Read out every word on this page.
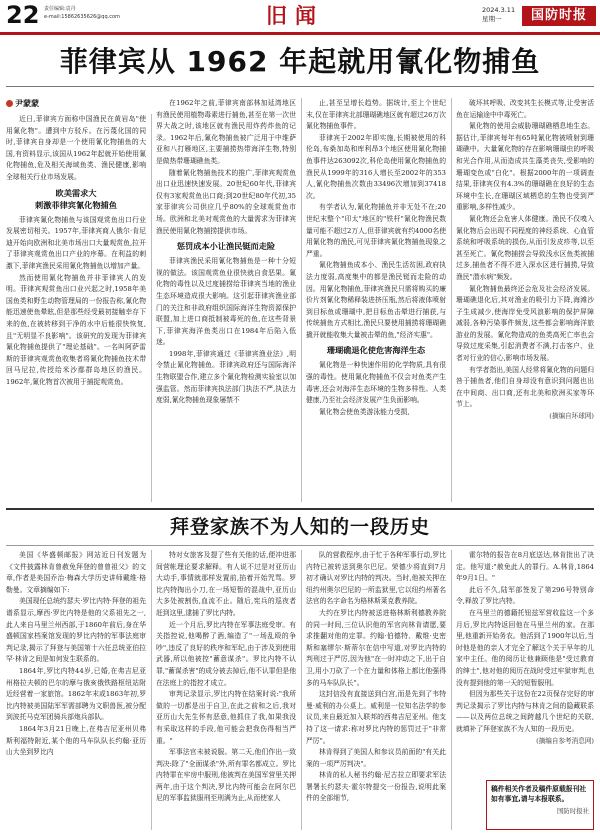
22 责任编辑:袁丹
e-mail:15862635626@qq.com	旧闻	2024.3.11
星期一	国防时报
菲律宾从 1962 年起就用氰化物捕鱼
尹蒙蒙

近日,菲律宾方面称中国渔民在黄岩岛"使用氰化物"。遭到中方驳斥。在污蔑化国的同时,菲律宾自身却是一个使用氰化物捕鱼的大国,有资料显示,该国从1962年起就开始使用氰化物捕鱼,危及相关海域鱼类、渔民健康,影响全球相关行业市场发展。

欧美需求大
刺激菲律宾氰化物捕鱼

菲律宾氰化物捕鱼与该国观赏鱼出口行业发展密切相关。1957年,菲律宾商人俄尔·肯尼迪开始向欧洲和北美市场出口大量观赏鱼,拉开了菲律宾观赏鱼出口产业的序幕。在利益的刺激下,菲律宾渔民采用氰化物捕鱼以增加产量。

然而使用氰化物捕鱼并非菲律宾人的发明。菲律宾观赏鱼出口业兴起之时,1958年美国鱼类和野生动物管理局的一份报告称,氰化物能迅速使鱼晕眩,但是那些经受最初接触幸存下来的鱼,在被转移到干净的水中后能很快恢复,且"无明显不良影响"。该研究的发现为菲律宾氰化物捕鱼提供了"理论基础"。一名叫阿萨雷斯的菲律宾观赏鱼收集者将氰化物捕鱼技术带回马尼拉,传授给米沙鄢群岛地区的渔民。1962年,氰化物首次被用于捕捉观赏鱼。

在1962年之前,菲律宾南部林加延湾地区有渔民使用植物毒素进行捕鱼,甚至在第一次世界大战之时,该地区就有渔民用炸药炸鱼的记录。1962年后,氰化物捕鱼被广泛用于中维萨亚和八打雁地区,主要捕捞热带海洋生物,特别是做热带珊瑚礁鱼类。

随着氰化物捕鱼技术的推广,菲律宾观赏鱼出口业迅速快速发展。20世纪60年代,菲律宾仅有3家观赏鱼出口商;到20世纪80年代初,35家菲律宾公司供应几乎80%的全球观赏鱼市场。欧洲和北美对观赏鱼的大量需求为菲律宾渔民使用氰化物捕捞提供市场。

惩罚成本小让渔民铤而走险

菲律宾渔民采用氰化物捕鱼是一种十分短视的做法。该国观赏鱼业很快就自食恶果。氰化物的毒性以及过度捕捞给菲律宾当地的渔业生态环境造成很大影响。这引起菲律宾渔业部门的关注和非政府组织国际海洋生物资源保护联盟,加上进口商抵制被毒死的鱼,在这些背景下,菲律宾海洋鱼类出口在1984年后陷入低迷。

1998年,菲律宾通过《菲律宾渔业法》,明令禁止氰化物捕鱼。菲律宾政府还与国际海洋生物联盟合作,建立多个氰化物检测实验室以加强监管。然而菲律宾执法部门执法不严,执法力度弱,氰化物捕鱼现象屡禁不

止,甚至呈增长趋势。据统计,至上个世纪末,仅在菲律宾北部珊瑚礁地区就有超过26万次氰化物捕鱼事件。

菲律宾于2002年即实施,长期被使用的科伦岛,布桑加岛和库利昂3个地区使用氰化物捕鱼事件达263092次,科伦岛使用氰化物捕鱼的渔民从1999年的316人增长至2002年的353人,氰化物捕鱼次数由33496次增加到37418次。

有学者认为,氰化物捕鱼并非无处不在;20世纪末整个"印太"地区的"铁杆"氰化物渔民数量可能不超过2万人,但菲律宾就有约4000名使用氰化物的渔民,可见菲律宾氰化物捕鱼现象之严重。

氰化物捕鱼成本小、渔民生活贫困,政府执法力度弱,高度集中的都是渔民铤而走险的动因。用氰化物捕鱼,菲律宾渔民只需将购买的廉价片剂氰化物稀释装进挤压瓶,然后将液体喷射到目标鱼或珊瑚中,把目标鱼击晕进行捕获,与传统捕鱼方式相比,渔民只要使用捕捞将珊瑚礁撬开就能收集大量被击晕的鱼,"经济实惠"。

珊瑚礁退化使危害海洋生态

氰化物是一种快速作用的化学物质,具有很强的毒性。使用氰化物捕鱼不仅会对鱼类产生毒害,还会对海洋生态环境的生物多样性。人类健康,乃至社会经济发展产生负面影响。

氰化物会使鱼类游泳能力受损,

破坏其呼吸、改变其生长模式等,让受害活鱼在运输途中中毒死亡。

氰化物的使用会威胁珊瑚礁栖息地生态。据估计,菲律宾每年有65吨氰化物被喷射到珊瑚礁中。大量氰化物的存在影响珊瑚虫的呼吸和光合作用,从而造成共生藻类丧失,受影响的珊瑚变色或"白化"。根据2000年的一项调查结果,菲律宾仅有4.3%的珊瑚礁在良好的生态环境中生长,在珊瑚区域栖息的生物也受到严重影响,多样性减少。

氰化物还会危害人体健康。渔民不仅嗅入氰化物后会出现不同程度的神经系统、心血管系统和呼吸系统的损伤,从而引发皮疹等,以至甚至死亡。氰化物捕捞会导致浅水区鱼类被捕过多,捕鱼者不得不进入深水区进行捕捞,导致渔民"潜水病"频发。

氰化物捕鱼最终还会危及社会经济发展。珊瑚礁退化后,其对渔业的吸引力下降,海滩沙子生成减少,使海岸免受风浪影响的保护屏障减弱,各种污染事件频发,这些都会影响海洋旅游业的发展。氰化物造成的鱼类高死亡率也会导致过度采集,引起消费者不满,打击客户、业者对行业的信心,影响市场发展。

有学者指出,美国人经常将氰化物的问题归咎于捕鱼者,他们自身却没有意识到问题也出在中间商、出口商,还有北美和欧洲买家等环节上。

(摘编自环球网)

拜登家族不为人知的一段历史

美国《华盛顿邮报》网站近日刊发题为《文件披露林肯曾赦免拜登的曾曾祖父》的文章,作者是美国乔治·梅森大学历史讲师戴维·格勒曼。文章摘编如下:

美国现任总统约瑟夫·罗比内特·拜登的祖先谱系显示,摩西·罗比内特是他的父系祖先之一,此人来自马里兰州西部,于1860年前后,身在华盛顿国家档案馆发现的罗比内特的军事法庭审判记录,揭示了拜登与美国第十六任总统亚伯拉罕·林肯之间是如何发生联系的。

1864年,罗比内特44岁,已婚,在弗吉尼亚州格拉夫顿的巴尔的摩与俄亥俄铁路枢纽站附近经营着一家旅馆。1862年末或1863年初,罗比内特被美国陆军军需部聘为文职兽医,被分配到波托马克军团骑兵部炮兵部队。

1864年3月21日晚上,在弗吉尼亚州贝弗斯利福特附近,某个他的马车队队长约翰·亚历山大坐到罗比内

特对女旅客及提了些有关他的话,便冲进那间营帐理论要求解释。有人说不过是对亚历山大动手,事情就那样发置前,掐着开始咒骂。罗比内特掏出小刀,在一场短暂的混战中,亚历山大多处被割伤,血流不止。随后,宪兵的巡夜者赶到这里,逮捕了罗比内特。

近一个月后,罗比内特在军事法庭受审。有关指控说,他喝醉了酒,编造了"一场乱殴的争吵",违反了良好的秩序和军纪,由于涉及到使用武器,所以他被控"蓄意谋杀"。罗比内特不认罪,"蓄谋杀害"的成分被去掉后,他不认罪但是他在法庭上的指控才成立。

审判记录显示,罗比内特在结案时说:"我所做的一切都是出于自卫,在此之前和之后,我对亚历山大先生怀有恶意,他抓住了我,如果我没有采取这样的手段,他可能会把我伤得相当严重。"

军事法官未被说服。第二天,他们作出一致判决:除了"全面谋杀"外,所有罪名都成立。罗比内特罪在牢房中服刑,他被判在美国军营里关押两年,由于这个判决,罗比内特可能会在阿尔巴尼的军事监狱服刑至刑满为止,从而使家人

队的营救程序,由于忙于各种军事行动,罗比内特已被转送到奥尔巴尼。荣德少将直到7月初才确认对罗比内特的判决。当时,他被关押在纽约州奥尔巴尼的一所监狱里,它以纽约州著名法官的名字命名为格林斯莱克教养院。

大约在罗比内特被送进格林斯利德教养院的同一时间,三位认识他的军官向林肯请愿,要求推翻对他的定罪。约翰·伯德特、戴维·史密斯和塞缪尔·斯蒂尔在信中写道,对罗比内特的判刑过于严厉,因为他"在一时冲动之下,出于自卫,用小刀砍了一个在力量和体格上都比他强得多的马车队队长"。

这封信没有直接送到白宫,而是先到了韦特曼·威利的办公桌上。威利是一位知名法学的参议员,来自最近加入联邦的西弗吉尼亚州。他支持了这一请求:称对罗比内特的惩罚过于"非常严厉"。

林肯得到了美国人和参议员前面的"有关此案的一项严厉判决"。

林肯的私人秘书约翰·尼古拉立即要求军法署署长约瑟夫·霍尔特提交一份报告,说明此案件的全部细节,

霍尔特的报告在8月底送达,林肯批出了决定。他写道:"赦免此人的罪行。A.林肯,1864年9月1日。"

此后不久,陆军部签发了第296号特别命令,释放了罗比内特。

在马里兰的德籍托钮兹军营收监这一个多月后,罗比内特返回他在马里兰州的家。在那里,他重新开始务农。他活到了1900年以后,当时他是他的亲人才完全了解这个关于早年的儿家中主任。他的阅历让他兼顾他是"受过教育的绅士",他对他的阅历在战时受过牢狱审判,也没有提到他的第一天的短暂服刑。

但因为那些关于这份在22页保存完好的审判记录揭示了罗比内特与林肯之间的隐藏联系——以及两位总统之间跨越几个世纪的关联,就填补了拜登家族不为人知的一段历史。

(摘编自参考消息网)

稿件相关作者及稿件原载报刊社如有事宜,请与本报联系。
国防时报社
